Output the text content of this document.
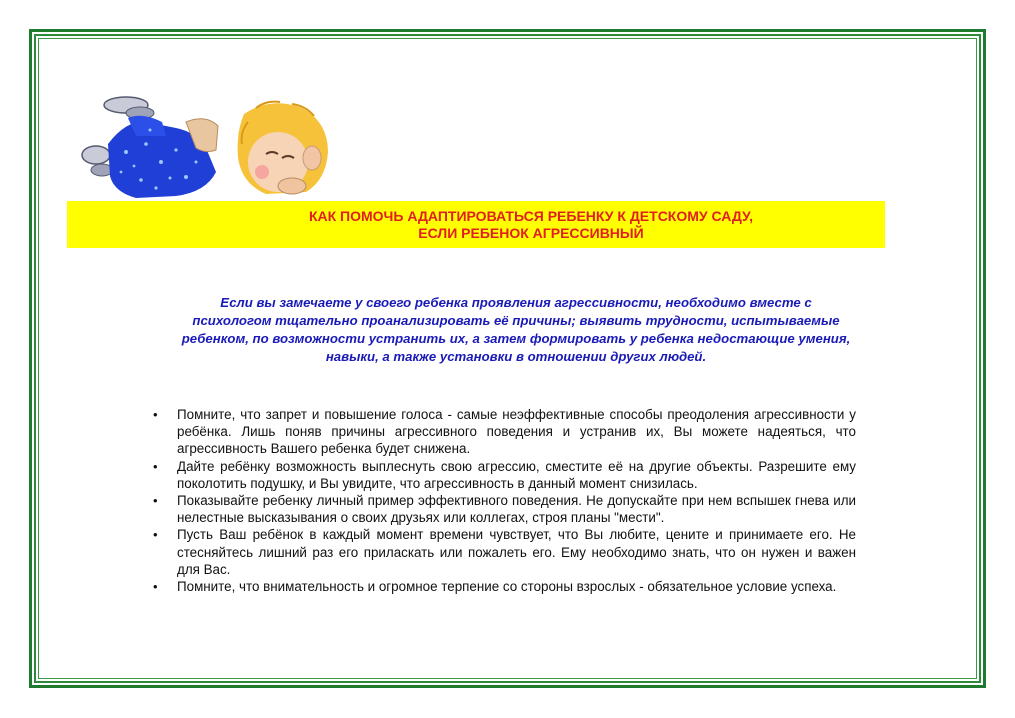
КАК ПОМОЧЬ АДАПТИРОВАТЬСЯ РЕБЕНКУ К ДЕТСКОМУ САДУ,
ЕСЛИ РЕБЕНОК АГРЕССИВНЫЙ
Если вы замечаете у своего ребенка проявления агрессивности, необходимо вместе с психологом тщательно проанализировать её причины; выявить трудности, испытываемые ребенком, по возможности устранить их, а затем формировать у ребенка недостающие умения, навыки, а также установки в отношении других людей.
• Помните, что запрет и повышение голоса - самые неэффективные способы преодоления агрессивности у ребёнка. Лишь поняв причины агрессивного поведения и устранив их, Вы можете надеяться, что агрессивность Вашего ребенка будет снижена.
• Дайте ребёнку возможность выплеснуть свою агрессию, сместите её на другие объекты. Разрешите ему поколотить подушку, и Вы увидите, что агрессивность в данный момент снизилась.
• Показывайте ребенку личный пример эффективного поведения. Не допускайте при нем вспышек гнева или нелестные высказывания о своих друзьях или коллегах, строя планы "мести".
• Пусть Ваш ребёнок в каждый момент времени чувствует, что Вы любите, цените и принимаете его. Не стесняйтесь лишний раз его приласкать или пожалеть его. Ему необходимо знать, что он нужен и важен для Вас.
• Помните, что внимательность и огромное терпение со стороны взрослых - обязательное условие успеха.
